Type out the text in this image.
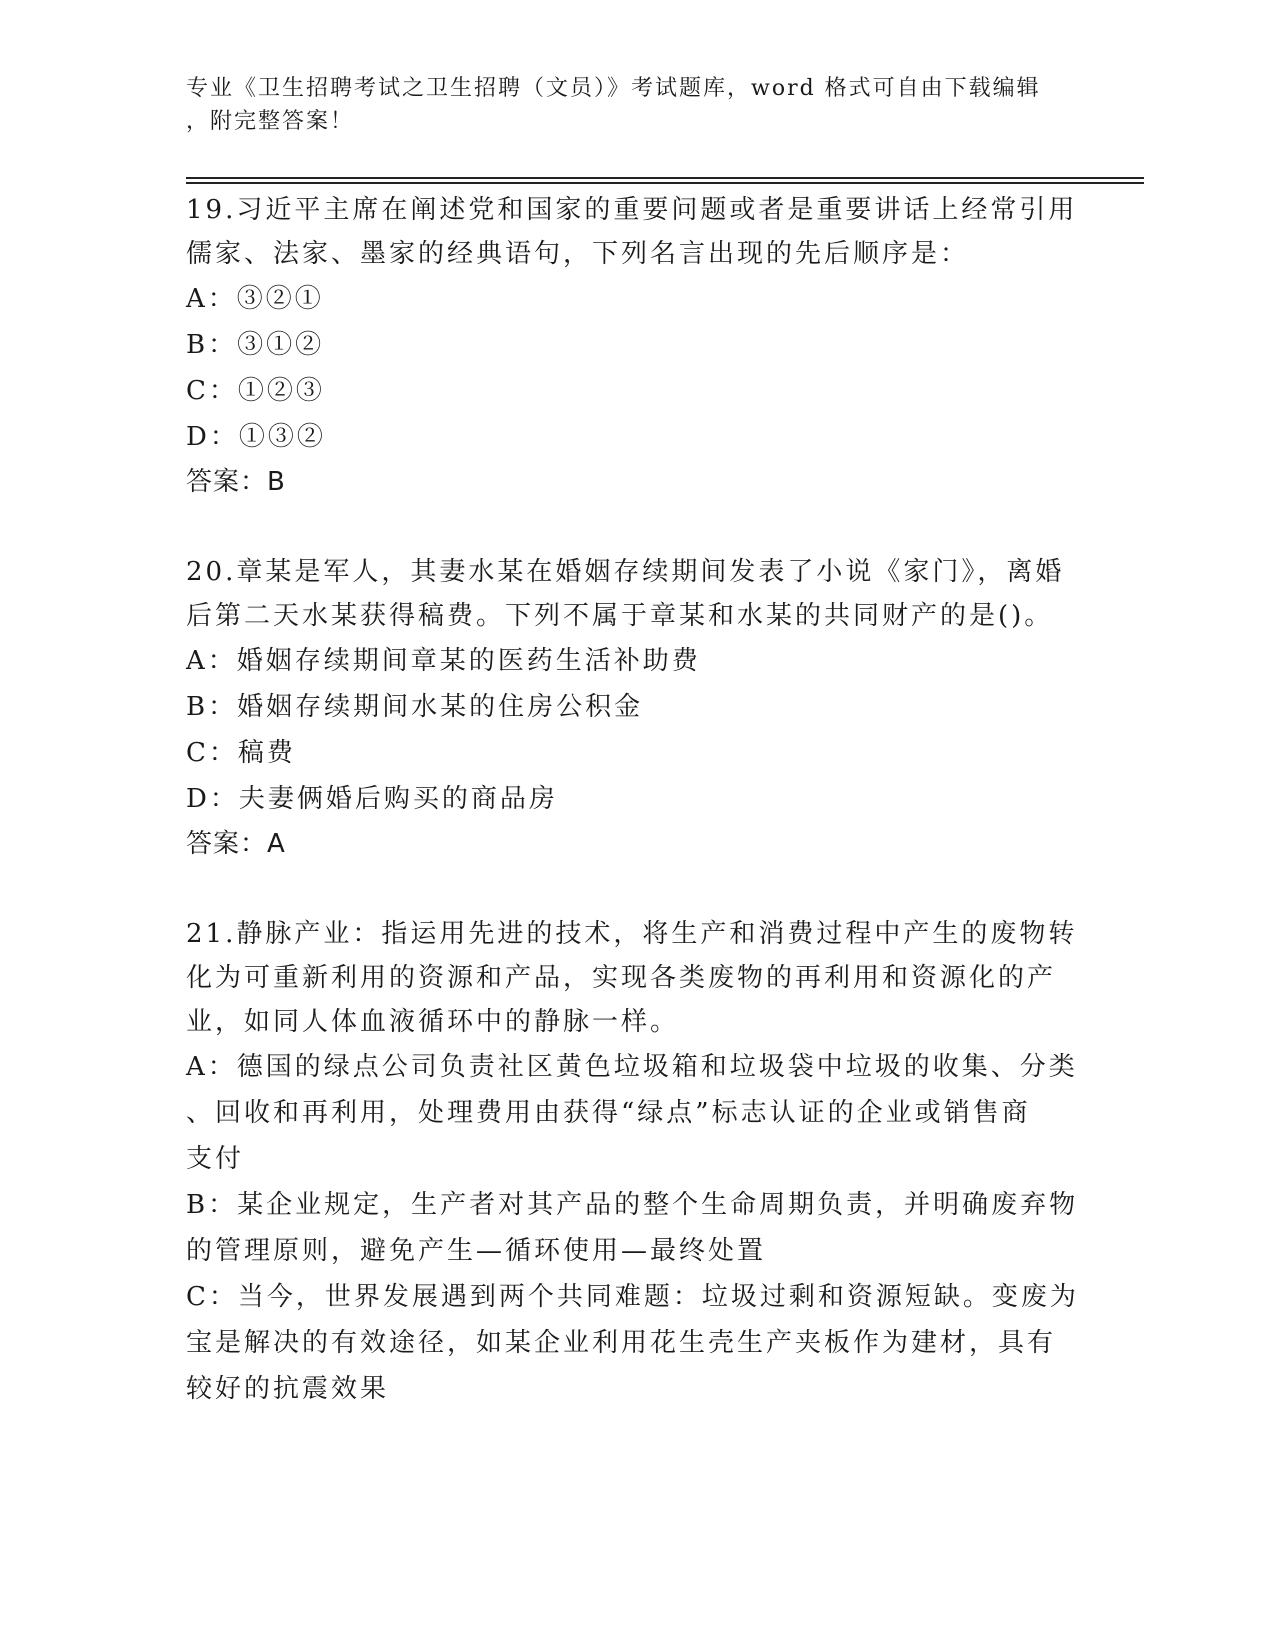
专业《卫生招聘考试之卫生招聘（文员）》考试题库，word 格式可自由下载编辑
，附完整答案！
19.习近平主席在阐述党和国家的重要问题或者是重要讲话上经常引用
儒家、法家、墨家的经典语句，下列名言出现的先后顺序是：
A：③②①
B：③①②
C：①②③
D：①③②
答案：B
20.章某是军人，其妻水某在婚姻存续期间发表了小说《家门》，离婚
后第二天水某获得稿费。下列不属于章某和水某的共同财产的是()。
A：婚姻存续期间章某的医药生活补助费
B：婚姻存续期间水某的住房公积金
C：稿费
D：夫妻俩婚后购买的商品房
答案：A
21.静脉产业：指运用先进的技术，将生产和消费过程中产生的废物转
化为可重新利用的资源和产品，实现各类废物的再利用和资源化的产
业，如同人体血液循环中的静脉一样。
A：德国的绿点公司负责社区黄色垃圾箱和垃圾袋中垃圾的收集、分类
、回收和再利用，处理费用由获得“绿点”标志认证的企业或销售商
支付
B：某企业规定，生产者对其产品的整个生命周期负责，并明确废弃物
的管理原则，避免产生—循环使用—最终处置
C：当今，世界发展遇到两个共同难题：垃圾过剩和资源短缺。变废为
宝是解决的有效途径，如某企业利用花生壳生产夹板作为建材，具有
较好的抗震效果
